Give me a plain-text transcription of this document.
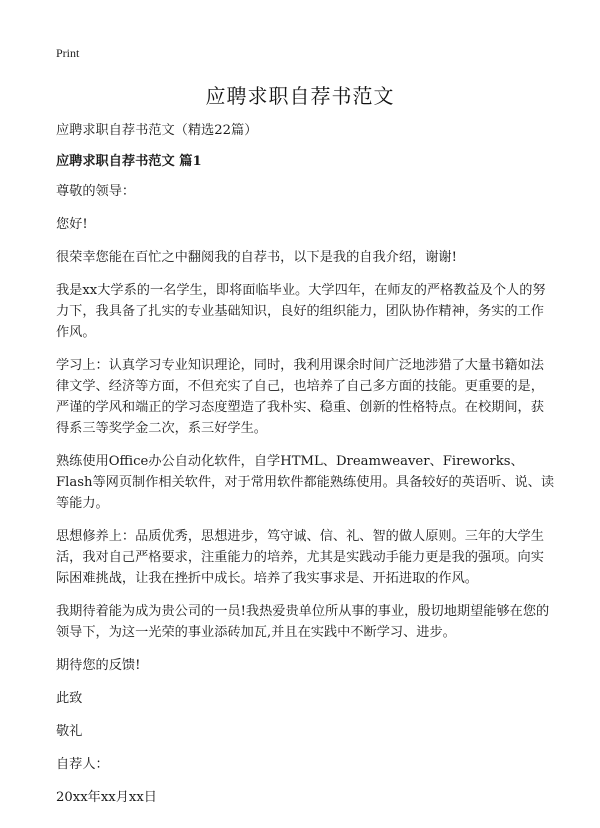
Print
应聘求职自荐书范文

应聘求职自荐书范文（精选22篇）

应聘求职自荐书范文 篇1

尊敬的领导：

您好!

很荣幸您能在百忙之中翻阅我的自荐书，以下是我的自我介绍，谢谢!

我是xx大学系的一名学生，即将面临毕业。大学四年，在师友的严格教益及个人的努力下，我具备了扎实的专业基础知识，良好的组织能力，团队协作精神，务实的工作作风。

学习上：认真学习专业知识理论，同时，我利用课余时间广泛地涉猎了大量书籍如法律文学、经济等方面，不但充实了自己，也培养了自己多方面的技能。更重要的是，严谨的学风和端正的学习态度塑造了我朴实、稳重、创新的性格特点。在校期间，获得系三等奖学金二次，系三好学生。

熟练使用Office办公自动化软件，自学HTML、Dreamweaver、Fireworks、Flash等网页制作相关软件，对于常用软件都能熟练使用。具备较好的英语听、说、读等能力。

思想修养上：品质优秀，思想进步，笃守诚、信、礼、智的做人原则。三年的大学生活，我对自己严格要求，注重能力的培养，尤其是实践动手能力更是我的强项。向实际困难挑战，让我在挫折中成长。培养了我实事求是、开拓进取的作风。

我期待着能为成为贵公司的一员!我热爱贵单位所从事的事业，殷切地期望能够在您的领导下，为这一光荣的事业添砖加瓦,并且在实践中不断学习、进步。

期待您的反馈!

此致

敬礼

自荐人：

20xx年xx月xx日
